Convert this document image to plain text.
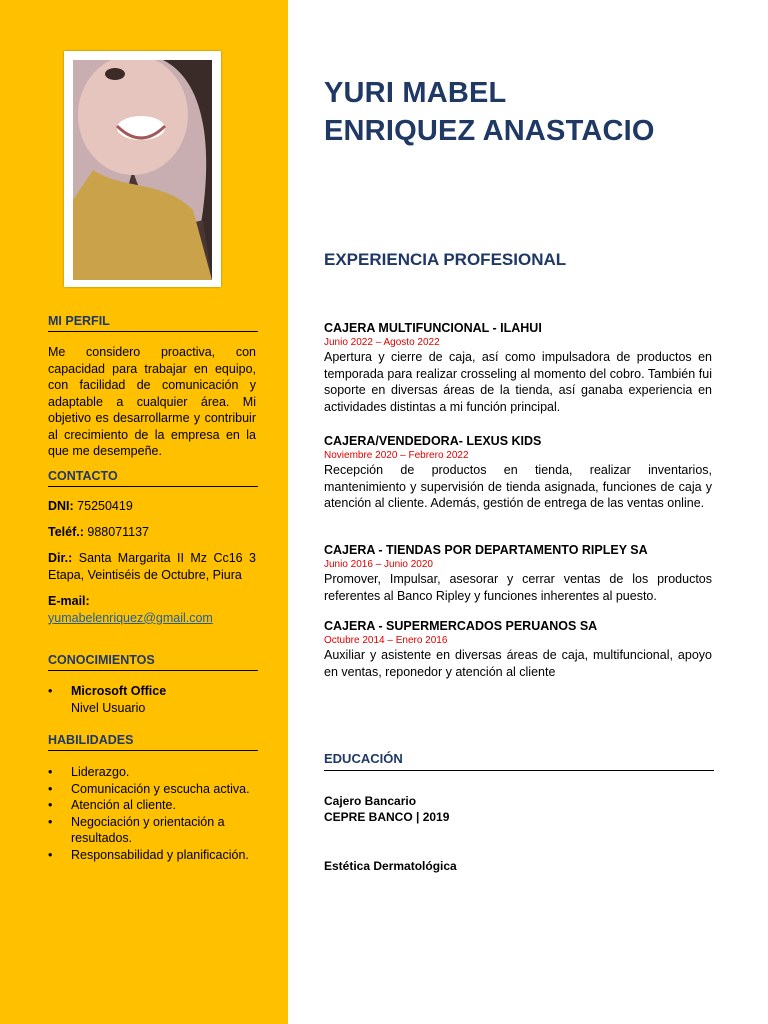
MI PERFIL
Me considero proactiva, con capacidad para trabajar en equipo, con facilidad de comunicación y adaptable a cualquier área. Mi objetivo es desarrollarme y contribuir al crecimiento de la empresa en la que me desempeñe.
CONTACTO
DNI: 75250419
Teléf.: 988071137
Dir.: Santa Margarita II Mz Cc16 3 Etapa, Veintiséis de Octubre, Piura
E-mail:
yumabelenriquez@gmail.com
CONOCIMIENTOS
• Microsoft Office
Nivel Usuario
HABILIDADES
• Liderazgo.
• Comunicación y escucha activa.
• Atención al cliente.
• Negociación y orientación a resultados.
• Responsabilidad y planificación.
YURI MABEL
ENRIQUEZ ANASTACIO
EXPERIENCIA PROFESIONAL
CAJERA MULTIFUNCIONAL - ILAHUI
Junio 2022 – Agosto 2022
Apertura y cierre de caja, así como impulsadora de productos en temporada para realizar crosseling al momento del cobro. También fui soporte en diversas áreas de la tienda, así ganaba experiencia en actividades distintas a mi función principal.
CAJERA/VENDEDORA- LEXUS KIDS
Noviembre 2020 – Febrero 2022
Recepción de productos en tienda, realizar inventarios, mantenimiento y supervisión de tienda asignada, funciones de caja y atención al cliente. Además, gestión de entrega de las ventas online.
CAJERA - TIENDAS POR DEPARTAMENTO RIPLEY SA
Junio 2016 – Junio 2020
Promover, Impulsar, asesorar y cerrar ventas de los productos referentes al Banco Ripley y funciones inherentes al puesto.
CAJERA - SUPERMERCADOS PERUANOS SA
Octubre 2014 – Enero 2016
Auxiliar y asistente en diversas áreas de caja, multifuncional, apoyo en ventas, reponedor y atención al cliente
EDUCACIÓN
Cajero Bancario
CEPRE BANCO | 2019
Estética Dermatológica
